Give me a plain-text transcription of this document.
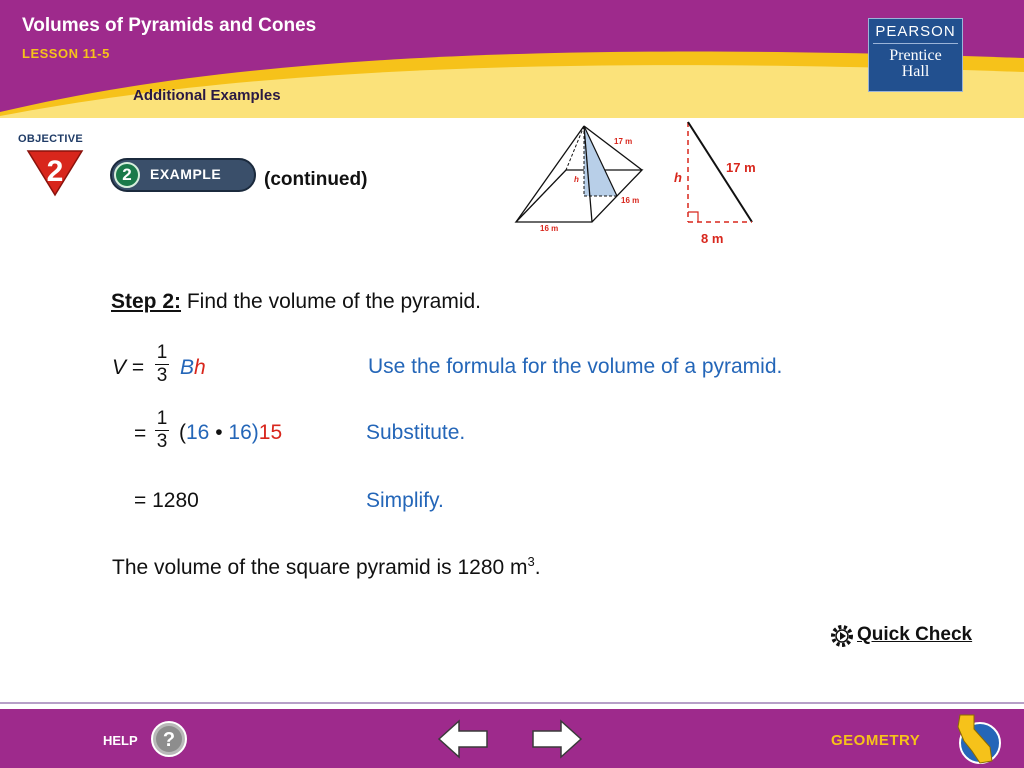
Volumes of Pyramids and Cones
LESSON 11-5
Additional Examples
PEARSON
Prentice
Hall
OBJECTIVE
2	2	EXAMPLE (continued)
17 m
h
16 m
16 m
h
17 m
8 m
Step 2: Find the volume of the pyramid.
V =
1
3 Bh	Use the formula for the volume of a pyramid.
=
1
3 (16 • 16)15	Substitute.
= 1280	Simplify.
The volume of the square pyramid is 1280 $m^3$.
Quick Check
HELP ?	GEOMETRY
